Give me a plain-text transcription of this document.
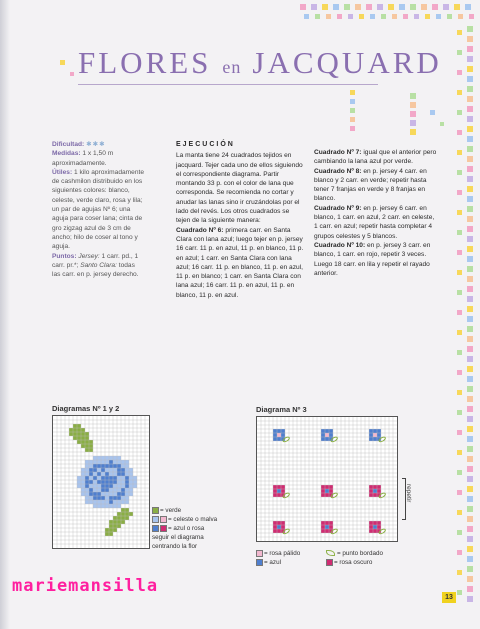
FLORES en JACQUARD

Dificultad: ✱✱✱

Medidas: 1 x 1,50 m aproximadamente.

Útiles: 1 kilo aproximadamente de cashmilon distribuido en los siguientes colores: blanco, celeste, verde claro, rosa y lila; un par de agujas Nº 6; una aguja para coser lana; cinta de gro zigzag azul de 3 cm de ancho; hilo de coser al tono y aguja.

Puntos: Jersey: 1 carr. pd., 1 carr. pr.*; Santo Clara: todas las carr. en p. jersey derecho.

EJECUCIÓN

La manta tiene 24 cuadrados tejidos en jacquard. Tejer cada uno de ellos siguiendo el correspondiente diagrama. Partir montando 33 p. con el color de lana que corresponda. Se recomienda no cortar y anudar las lanas sino ir cruzándolas por el lado del revés. Los otros cuadrados se tejen de la siguiente manera:

Cuadrado Nº 6: primera carr. en Santa Clara con lana azul; luego tejer en p. jersey 16 carr. 11 p. en azul, 11 p. en blanco, 11 p. en azul; 1 carr. en Santa Clara con lana azul; 16 carr. 11 p. en blanco, 11 p. en azul, 11 p. en blanco; 1 carr. en Santa Clara con lana azul; 16 carr. 11 p. en azul, 11 p. en blanco, 11 p. en azul.

Cuadrado Nº 7: igual que el anterior pero cambiando la lana azul por verde.

Cuadrado Nº 8: en p. jersey 4 carr. en blanco y 2 carr. en verde; repetir hasta tener 7 franjas en verde y 8 franjas en blanco.

Cuadrado Nº 9: en p. jersey 6 carr. en blanco, 1 carr. en azul, 2 carr. en celeste, 1 carr. en azul; repetir hasta completar 4 grupos celestes y 5 blancos.

Cuadrado Nº 10: en p. jersey 3 carr. en blanco, 1 carr. en rojo, repetir 3 veces. Luego 18 carr. en lila y repetir el rayado anterior.

Diagramas Nº 1 y 2
= verde
= celeste o malva
= azul o rosa
seguir el diagrama centrando la flor
Diagrama Nº 3
repetir
= rosa pálido	= punto bordado
= azul	= rosa oscuro
mariemansilla
13
